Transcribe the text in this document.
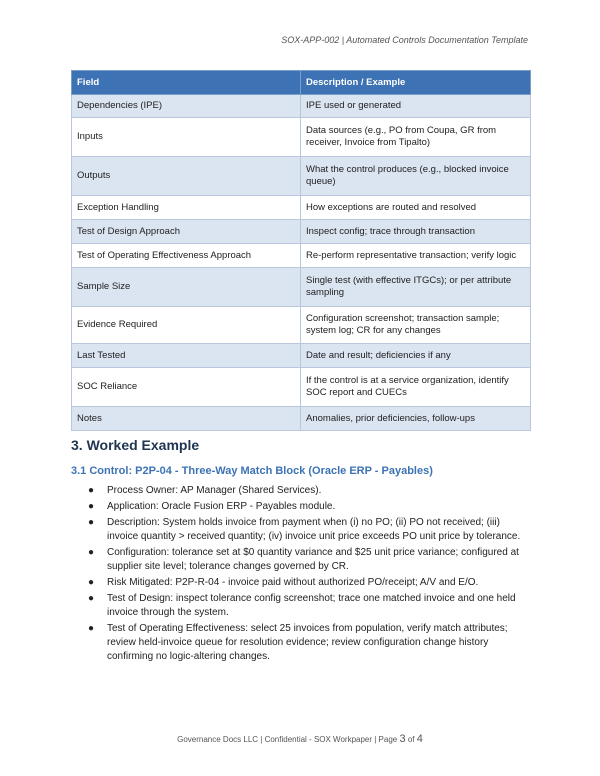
SOX-APP-002 | Automated Controls Documentation Template
Field	Description / Example
Dependencies (IPE)	IPE used or generated
Inputs	Data sources (e.g., PO from Coupa, GR from receiver, Invoice from Tipalto)
Outputs	What the control produces (e.g., blocked invoice queue)
Exception Handling	How exceptions are routed and resolved
Test of Design Approach	Inspect config; trace through transaction
Test of Operating Effectiveness Approach	Re-perform representative transaction; verify logic
Sample Size	Single test (with effective ITGCs); or per attribute sampling
Evidence Required	Configuration screenshot; transaction sample; system log; CR for any changes
Last Tested	Date and result; deficiencies if any
SOC Reliance	If the control is at a service organization, identify SOC report and CUECs
Notes	Anomalies, prior deficiencies, follow-ups
3. Worked Example
3.1 Control: P2P-04 - Three-Way Match Block (Oracle ERP - Payables)
● Process Owner: AP Manager (Shared Services).
● Application: Oracle Fusion ERP - Payables module.
● Description: System holds invoice from payment when (i) no PO; (ii) PO not received; (iii) invoice quantity > received quantity; (iv) invoice unit price exceeds PO unit price by tolerance.
● Configuration: tolerance set at $0 quantity variance and $25 unit price variance; configured at supplier site level; tolerance changes governed by CR.
● Risk Mitigated: P2P-R-04 - invoice paid without authorized PO/receipt; A/V and E/O.
● Test of Design: inspect tolerance config screenshot; trace one matched invoice and one held invoice through the system.
● Test of Operating Effectiveness: select 25 invoices from population, verify match attributes; review held-invoice queue for resolution evidence; review configuration change history confirming no logic-altering changes.
Governance Docs LLC | Confidential - SOX Workpaper | Page 3 of 4
